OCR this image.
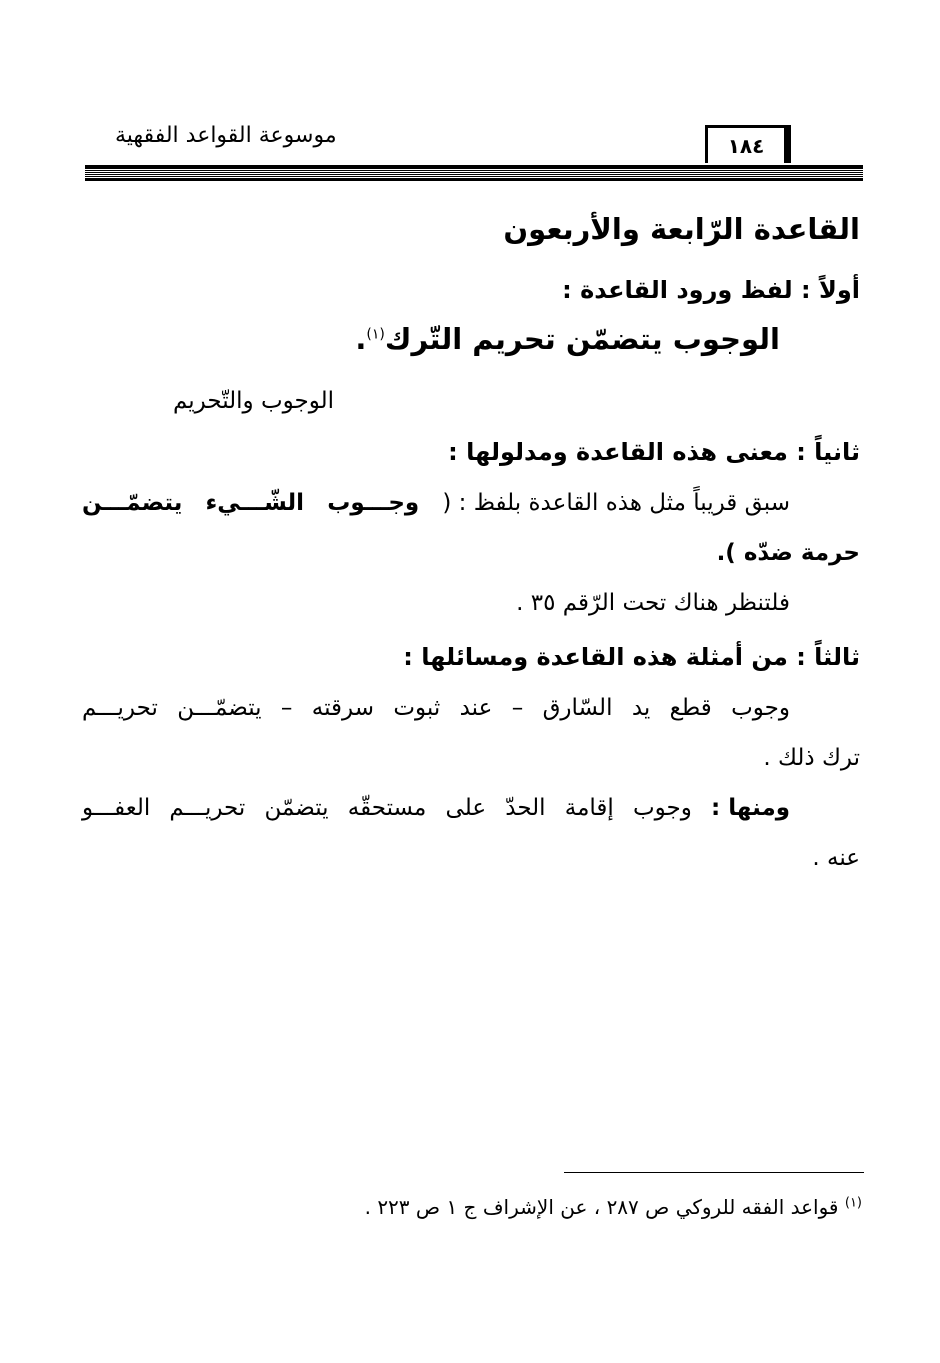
موسوعة القواعد الفقهية	١٨٤
القاعدة الرّابعة والأربعون
أولاً : لفظ ورود القاعدة :
الوجوب يتضمّن تحريم التّرك$^{(١)}$.
الوجوب والتّحريم
ثانياً : معنى هذه القاعدة ومدلولها :
سبق قريباً مثل هذه القاعدة بلفظ : (
وجـــوب
الشّـــيء
يتضمّـــن
حرمة ضدّه ).
فلتنظر هناك تحت الرّقم ٣٥ .
ثالثاً : من أمثلة هذه القاعدة ومسائلها :
وجوب
قطع
يد
السّارق
–
عند
ثبوت
سرقته
–
يتضمّـــن
تحريـــم
ترك ذلك .
ومنها :
وجوب
إقامة
الحدّ
على
مستحقّه
يتضمّن
تحريـــم
العفـــو
عنه .
$^{(١)}$ قواعد الفقه للروكي ص ٢٨٧ ، عن الإشراف ج ١ ص ٢٢٣ .
